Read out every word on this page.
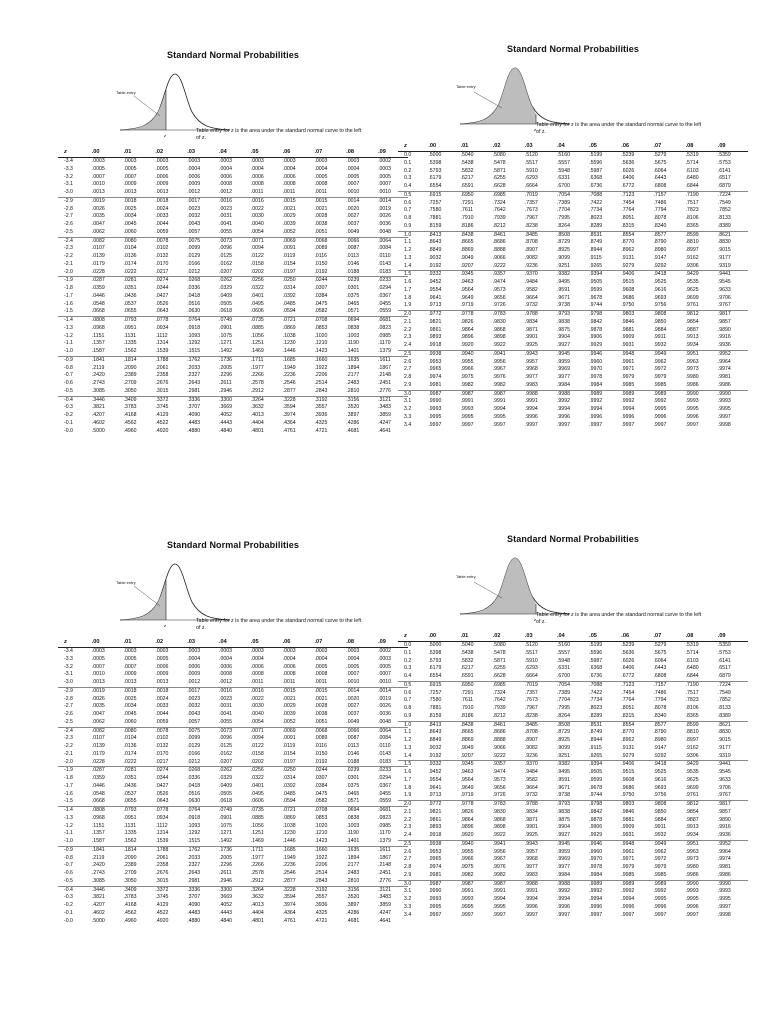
Standard Normal Probabilities
z
Table entry
Table entry for z is the area under the standard normal curve to the left of z.
z	.00	.01	.02	.03	.04	.05	.06	.07	.08	.09
-3.4	.0003	.0003	.0003	.0003	.0003	.0003	.0003	.0003	.0003	.0002
-3.3	.0005	.0005	.0005	.0004	.0004	.0004	.0004	.0004	.0004	.0003
-3.2	.0007	.0007	.0006	.0006	.0006	.0006	.0006	.0005	.0005	.0005
-3.1	.0010	.0009	.0009	.0009	.0008	.0008	.0008	.0008	.0007	.0007
-3.0	.0013	.0013	.0013	.0012	.0012	.0011	.0011	.0011	.0010	.0010
-2.9	.0019	.0018	.0018	.0017	.0016	.0016	.0015	.0015	.0014	.0014
-2.8	.0026	.0025	.0024	.0023	.0023	.0022	.0021	.0021	.0020	.0019
-2.7	.0035	.0034	.0033	.0032	.0031	.0030	.0029	.0028	.0027	.0026
-2.6	.0047	.0045	.0044	.0043	.0041	.0040	.0039	.0038	.0037	.0036
-2.5	.0062	.0060	.0059	.0057	.0055	.0054	.0052	.0051	.0049	.0048
-2.4	.0082	.0080	.0078	.0075	.0073	.0071	.0069	.0068	.0066	.0064
-2.3	.0107	.0104	.0102	.0099	.0096	.0094	.0091	.0089	.0087	.0084
-2.2	.0139	.0136	.0132	.0129	.0125	.0122	.0119	.0116	.0113	.0110
-2.1	.0179	.0174	.0170	.0166	.0162	.0158	.0154	.0150	.0146	.0143
-2.0	.0228	.0222	.0217	.0212	.0207	.0202	.0197	.0192	.0188	.0183
-1.9	.0287	.0281	.0274	.0268	.0262	.0256	.0250	.0244	.0239	.0233
-1.8	.0359	.0351	.0344	.0336	.0329	.0322	.0314	.0307	.0301	.0294
-1.7	.0446	.0436	.0427	.0418	.0409	.0401	.0392	.0384	.0375	.0367
-1.6	.0548	.0537	.0526	.0516	.0505	.0495	.0485	.0475	.0465	.0455
-1.5	.0668	.0655	.0643	.0630	.0618	.0606	.0594	.0582	.0571	.0559
-1.4	.0808	.0793	.0778	.0764	.0749	.0735	.0721	.0708	.0694	.0681
-1.3	.0968	.0951	.0934	.0918	.0901	.0885	.0869	.0853	.0838	.0823
-1.2	.1151	.1131	.1112	.1093	.1075	.1056	.1038	.1020	.1003	.0985
-1.1	.1357	.1335	.1314	.1292	.1271	.1251	.1230	.1210	.1190	.1170
-1.0	.1587	.1562	.1539	.1515	.1492	.1469	.1446	.1423	.1401	.1379
-0.9	.1841	.1814	.1788	.1762	.1736	.1711	.1685	.1660	.1635	.1611
-0.8	.2119	.2090	.2061	.2033	.2005	.1977	.1949	.1922	.1894	.1867
-0.7	.2420	.2389	.2358	.2327	.2296	.2266	.2236	.2206	.2177	.2148
-0.6	.2743	.2709	.2676	.2643	.2611	.2578	.2546	.2514	.2483	.2451
-0.5	.3085	.3050	.3015	.2981	.2946	.2912	.2877	.2843	.2810	.2776
-0.4	.3446	.3409	.3372	.3336	.3300	.3264	.3228	.3192	.3156	.3121
-0.3	.3821	.3783	.3745	.3707	.3669	.3632	.3594	.3557	.3520	.3483
-0.2	.4207	.4168	.4129	.4090	.4052	.4013	.3974	.3936	.3897	.3859
-0.1	.4602	.4562	.4522	.4483	.4443	.4404	.4364	.4325	.4286	.4247
-0.0	.5000	.4960	.4920	.4880	.4840	.4801	.4761	.4721	.4681	.4641
Standard Normal Probabilities
z
Table entry
Table entry for z is the area under the standard normal curve to the left of z.
z	.00	.01	.02	.03	.04	.05	.06	.07	.08	.09
0.0	.5000	.5040	.5080	.5120	.5160	.5199	.5239	.5279	.5319	.5359
0.1	.5398	.5438	.5478	.5517	.5557	.5596	.5636	.5675	.5714	.5753
0.2	.5793	.5832	.5871	.5910	.5948	.5987	.6026	.6064	.6103	.6141
0.3	.6179	.6217	.6255	.6293	.6331	.6368	.6406	.6443	.6480	.6517
0.4	.6554	.6591	.6628	.6664	.6700	.6736	.6772	.6808	.6844	.6879
0.5	.6915	.6950	.6985	.7019	.7054	.7088	.7123	.7157	.7190	.7224
0.6	.7257	.7291	.7324	.7357	.7389	.7422	.7454	.7486	.7517	.7549
0.7	.7580	.7611	.7642	.7673	.7704	.7734	.7764	.7794	.7823	.7852
0.8	.7881	.7910	.7939	.7967	.7995	.8023	.8051	.8078	.8106	.8133
0.9	.8159	.8186	.8212	.8238	.8264	.8289	.8315	.8340	.8365	.8389
1.0	.8413	.8438	.8461	.8485	.8508	.8531	.8554	.8577	.8599	.8621
1.1	.8643	.8665	.8686	.8708	.8729	.8749	.8770	.8790	.8810	.8830
1.2	.8849	.8869	.8888	.8907	.8925	.8944	.8962	.8980	.8997	.9015
1.3	.9032	.9049	.9066	.9082	.9099	.9115	.9131	.9147	.9162	.9177
1.4	.9192	.9207	.9222	.9236	.9251	.9265	.9279	.9292	.9306	.9319
1.5	.9332	.9345	.9357	.9370	.9382	.9394	.9406	.9418	.9429	.9441
1.6	.9452	.9463	.9474	.9484	.9495	.9505	.9515	.9525	.9535	.9545
1.7	.9554	.9564	.9573	.9582	.9591	.9599	.9608	.9616	.9625	.9633
1.8	.9641	.9649	.9656	.9664	.9671	.9678	.9686	.9693	.9699	.9706
1.9	.9713	.9719	.9726	.9732	.9738	.9744	.9750	.9756	.9761	.9767
2.0	.9772	.9778	.9783	.9788	.9793	.9798	.9803	.9808	.9812	.9817
2.1	.9821	.9826	.9830	.9834	.9838	.9842	.9846	.9850	.9854	.9857
2.2	.9861	.9864	.9868	.9871	.9875	.9878	.9881	.9884	.9887	.9890
2.3	.9893	.9896	.9898	.9901	.9904	.9906	.9909	.9911	.9913	.9916
2.4	.9918	.9920	.9922	.9925	.9927	.9929	.9931	.9932	.9934	.9936
2.5	.9938	.9940	.9941	.9943	.9945	.9946	.9948	.9949	.9951	.9952
2.6	.9953	.9955	.9956	.9957	.9959	.9960	.9961	.9962	.9963	.9964
2.7	.9965	.9966	.9967	.9968	.9969	.9970	.9971	.9972	.9973	.9974
2.8	.9974	.9975	.9976	.9977	.9977	.9978	.9979	.9979	.9980	.9981
2.9	.9981	.9982	.9982	.9983	.9984	.9984	.9985	.9985	.9986	.9986
3.0	.9987	.9987	.9987	.9988	.9988	.9989	.9989	.9989	.9990	.9990
3.1	.9990	.9991	.9991	.9991	.9992	.9992	.9992	.9992	.9993	.9993
3.2	.9993	.9993	.9994	.9994	.9994	.9994	.9994	.9995	.9995	.9995
3.3	.9995	.9995	.9995	.9996	.9996	.9996	.9996	.9996	.9996	.9997
3.4	.9997	.9997	.9997	.9997	.9997	.9997	.9997	.9997	.9997	.9998
Standard Normal Probabilities
z
Table entry
Table entry for z is the area under the standard normal curve to the left of z.
z	.00	.01	.02	.03	.04	.05	.06	.07	.08	.09
-3.4	.0003	.0003	.0003	.0003	.0003	.0003	.0003	.0003	.0003	.0002
-3.3	.0005	.0005	.0005	.0004	.0004	.0004	.0004	.0004	.0004	.0003
-3.2	.0007	.0007	.0006	.0006	.0006	.0006	.0006	.0005	.0005	.0005
-3.1	.0010	.0009	.0009	.0009	.0008	.0008	.0008	.0008	.0007	.0007
-3.0	.0013	.0013	.0013	.0012	.0012	.0011	.0011	.0011	.0010	.0010
-2.9	.0019	.0018	.0018	.0017	.0016	.0016	.0015	.0015	.0014	.0014
-2.8	.0026	.0025	.0024	.0023	.0023	.0022	.0021	.0021	.0020	.0019
-2.7	.0035	.0034	.0033	.0032	.0031	.0030	.0029	.0028	.0027	.0026
-2.6	.0047	.0045	.0044	.0043	.0041	.0040	.0039	.0038	.0037	.0036
-2.5	.0062	.0060	.0059	.0057	.0055	.0054	.0052	.0051	.0049	.0048
-2.4	.0082	.0080	.0078	.0075	.0073	.0071	.0069	.0068	.0066	.0064
-2.3	.0107	.0104	.0102	.0099	.0096	.0094	.0091	.0089	.0087	.0084
-2.2	.0139	.0136	.0132	.0129	.0125	.0122	.0119	.0116	.0113	.0110
-2.1	.0179	.0174	.0170	.0166	.0162	.0158	.0154	.0150	.0146	.0143
-2.0	.0228	.0222	.0217	.0212	.0207	.0202	.0197	.0192	.0188	.0183
-1.9	.0287	.0281	.0274	.0268	.0262	.0256	.0250	.0244	.0239	.0233
-1.8	.0359	.0351	.0344	.0336	.0329	.0322	.0314	.0307	.0301	.0294
-1.7	.0446	.0436	.0427	.0418	.0409	.0401	.0392	.0384	.0375	.0367
-1.6	.0548	.0537	.0526	.0516	.0505	.0495	.0485	.0475	.0465	.0455
-1.5	.0668	.0655	.0643	.0630	.0618	.0606	.0594	.0582	.0571	.0559
-1.4	.0808	.0793	.0778	.0764	.0749	.0735	.0721	.0708	.0694	.0681
-1.3	.0968	.0951	.0934	.0918	.0901	.0885	.0869	.0853	.0838	.0823
-1.2	.1151	.1131	.1112	.1093	.1075	.1056	.1038	.1020	.1003	.0985
-1.1	.1357	.1335	.1314	.1292	.1271	.1251	.1230	.1210	.1190	.1170
-1.0	.1587	.1562	.1539	.1515	.1492	.1469	.1446	.1423	.1401	.1379
-0.9	.1841	.1814	.1788	.1762	.1736	.1711	.1685	.1660	.1635	.1611
-0.8	.2119	.2090	.2061	.2033	.2005	.1977	.1949	.1922	.1894	.1867
-0.7	.2420	.2389	.2358	.2327	.2296	.2266	.2236	.2206	.2177	.2148
-0.6	.2743	.2709	.2676	.2643	.2611	.2578	.2546	.2514	.2483	.2451
-0.5	.3085	.3050	.3015	.2981	.2946	.2912	.2877	.2843	.2810	.2776
-0.4	.3446	.3409	.3372	.3336	.3300	.3264	.3228	.3192	.3156	.3121
-0.3	.3821	.3783	.3745	.3707	.3669	.3632	.3594	.3557	.3520	.3483
-0.2	.4207	.4168	.4129	.4090	.4052	.4013	.3974	.3936	.3897	.3859
-0.1	.4602	.4562	.4522	.4483	.4443	.4404	.4364	.4325	.4286	.4247
-0.0	.5000	.4960	.4920	.4880	.4840	.4801	.4761	.4721	.4681	.4641
Standard Normal Probabilities
z
Table entry
Table entry for z is the area under the standard normal curve to the left of z.
z	.00	.01	.02	.03	.04	.05	.06	.07	.08	.09
0.0	.5000	.5040	.5080	.5120	.5160	.5199	.5239	.5279	.5319	.5359
0.1	.5398	.5438	.5478	.5517	.5557	.5596	.5636	.5675	.5714	.5753
0.2	.5793	.5832	.5871	.5910	.5948	.5987	.6026	.6064	.6103	.6141
0.3	.6179	.6217	.6255	.6293	.6331	.6368	.6406	.6443	.6480	.6517
0.4	.6554	.6591	.6628	.6664	.6700	.6736	.6772	.6808	.6844	.6879
0.5	.6915	.6950	.6985	.7019	.7054	.7088	.7123	.7157	.7190	.7224
0.6	.7257	.7291	.7324	.7357	.7389	.7422	.7454	.7486	.7517	.7549
0.7	.7580	.7611	.7642	.7673	.7704	.7734	.7764	.7794	.7823	.7852
0.8	.7881	.7910	.7939	.7967	.7995	.8023	.8051	.8078	.8106	.8133
0.9	.8159	.8186	.8212	.8238	.8264	.8289	.8315	.8340	.8365	.8389
1.0	.8413	.8438	.8461	.8485	.8508	.8531	.8554	.8577	.8599	.8621
1.1	.8643	.8665	.8686	.8708	.8729	.8749	.8770	.8790	.8810	.8830
1.2	.8849	.8869	.8888	.8907	.8925	.8944	.8962	.8980	.8997	.9015
1.3	.9032	.9049	.9066	.9082	.9099	.9115	.9131	.9147	.9162	.9177
1.4	.9192	.9207	.9222	.9236	.9251	.9265	.9279	.9292	.9306	.9319
1.5	.9332	.9345	.9357	.9370	.9382	.9394	.9406	.9418	.9429	.9441
1.6	.9452	.9463	.9474	.9484	.9495	.9505	.9515	.9525	.9535	.9545
1.7	.9554	.9564	.9573	.9582	.9591	.9599	.9608	.9616	.9625	.9633
1.8	.9641	.9649	.9656	.9664	.9671	.9678	.9686	.9693	.9699	.9706
1.9	.9713	.9719	.9726	.9732	.9738	.9744	.9750	.9756	.9761	.9767
2.0	.9772	.9778	.9783	.9788	.9793	.9798	.9803	.9808	.9812	.9817
2.1	.9821	.9826	.9830	.9834	.9838	.9842	.9846	.9850	.9854	.9857
2.2	.9861	.9864	.9868	.9871	.9875	.9878	.9881	.9884	.9887	.9890
2.3	.9893	.9896	.9898	.9901	.9904	.9906	.9909	.9911	.9913	.9916
2.4	.9918	.9920	.9922	.9925	.9927	.9929	.9931	.9932	.9934	.9936
2.5	.9938	.9940	.9941	.9943	.9945	.9946	.9948	.9949	.9951	.9952
2.6	.9953	.9955	.9956	.9957	.9959	.9960	.9961	.9962	.9963	.9964
2.7	.9965	.9966	.9967	.9968	.9969	.9970	.9971	.9972	.9973	.9974
2.8	.9974	.9975	.9976	.9977	.9977	.9978	.9979	.9979	.9980	.9981
2.9	.9981	.9982	.9982	.9983	.9984	.9984	.9985	.9985	.9986	.9986
3.0	.9987	.9987	.9987	.9988	.9988	.9989	.9989	.9989	.9990	.9990
3.1	.9990	.9991	.9991	.9991	.9992	.9992	.9992	.9992	.9993	.9993
3.2	.9993	.9993	.9994	.9994	.9994	.9994	.9994	.9995	.9995	.9995
3.3	.9995	.9995	.9995	.9996	.9996	.9996	.9996	.9996	.9996	.9997
3.4	.9997	.9997	.9997	.9997	.9997	.9997	.9997	.9997	.9997	.9998
